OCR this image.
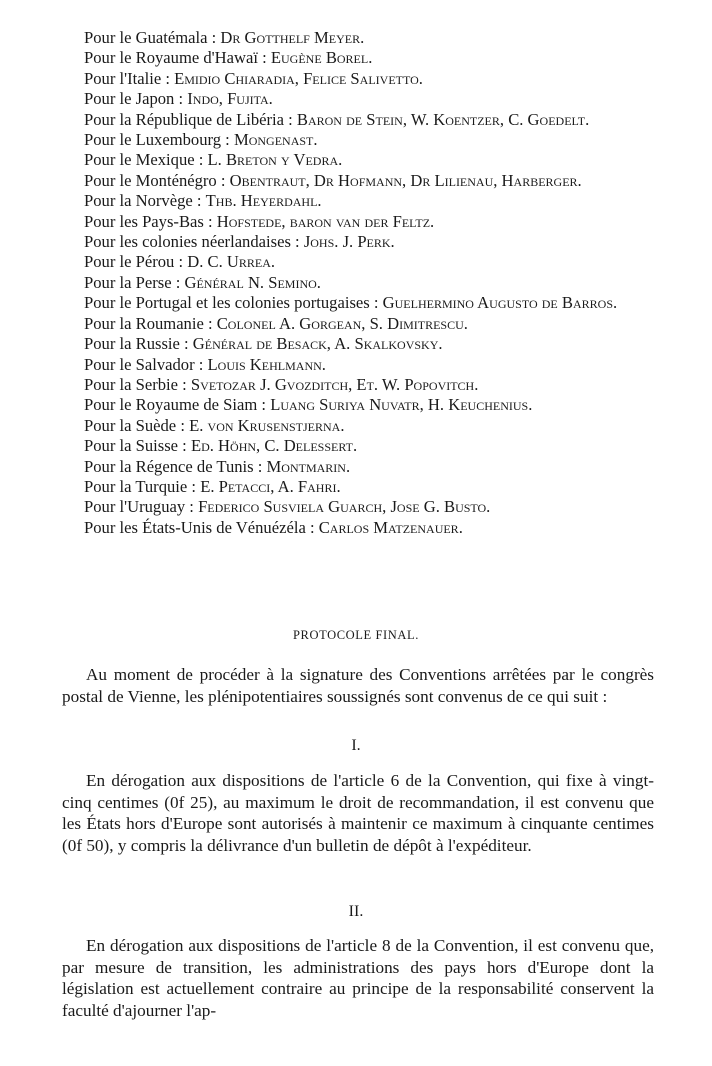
Pour le Guatémala : Dr Gotthelf Meyer.
Pour le Royaume d'Hawaï : Eugène Borel.
Pour l'Italie : Emidio Chiaradia, Felice Salivetto.
Pour le Japon : Indo, Fujita.
Pour la République de Libéria : Baron de Stein, W. Koentzer, C. Goedelt.
Pour le Luxembourg : Mongenast.
Pour le Mexique : L. Breton y Vedra.
Pour le Monténégro : Obentraut, Dr Hofmann, Dr Lilienau, Harberger.
Pour la Norvège : Thb. Heyerdahl.
Pour les Pays-Bas : Hofstede, baron van der Feltz.
Pour les colonies néerlandaises : Johs. J. Perk.
Pour le Pérou : D. C. Urrea.
Pour la Perse : Général N. Semino.
Pour le Portugal et les colonies portugaises : Guelhermino Augusto de Barros.
Pour la Roumanie : Colonel A. Gorgean, S. Dimitrescu.
Pour la Russie : Général de Besack, A. Skalkovsky.
Pour le Salvador : Louis Kehlmann.
Pour la Serbie : Svetozar J. Gvozditch, Et. W. Popovitch.
Pour le Royaume de Siam : Luang Suriya Nuvatr, H. Keuchenius.
Pour la Suède : E. von Krusenstjerna.
Pour la Suisse : Ed. Höhn, C. Delessert.
Pour la Régence de Tunis : Montmarin.
Pour la Turquie : E. Petacci, A. Fahri.
Pour l'Uruguay : Federico Susviela Guarch, Jose G. Busto.
Pour les États-Unis de Vénuézéla : Carlos Matzenauer.
PROTOCOLE FINAL.
Au moment de procéder à la signature des Conventions arrêtées par le congrès postal de Vienne, les plénipotentiaires soussignés sont convenus de ce qui suit :
I.
En dérogation aux dispositions de l'article 6 de la Convention, qui fixe à vingt-cinq centimes (0f 25), au maximum le droit de recommandation, il est convenu que les États hors d'Europe sont autorisés à maintenir ce maximum à cinquante centimes (0f 50), y compris la délivrance d'un bulletin de dépôt à l'expéditeur.
II.
En dérogation aux dispositions de l'article 8 de la Convention, il est convenu que, par mesure de transition, les administrations des pays hors d'Europe dont la législation est actuellement contraire au principe de la responsabilité conservent la faculté d'ajourner l'ap-
